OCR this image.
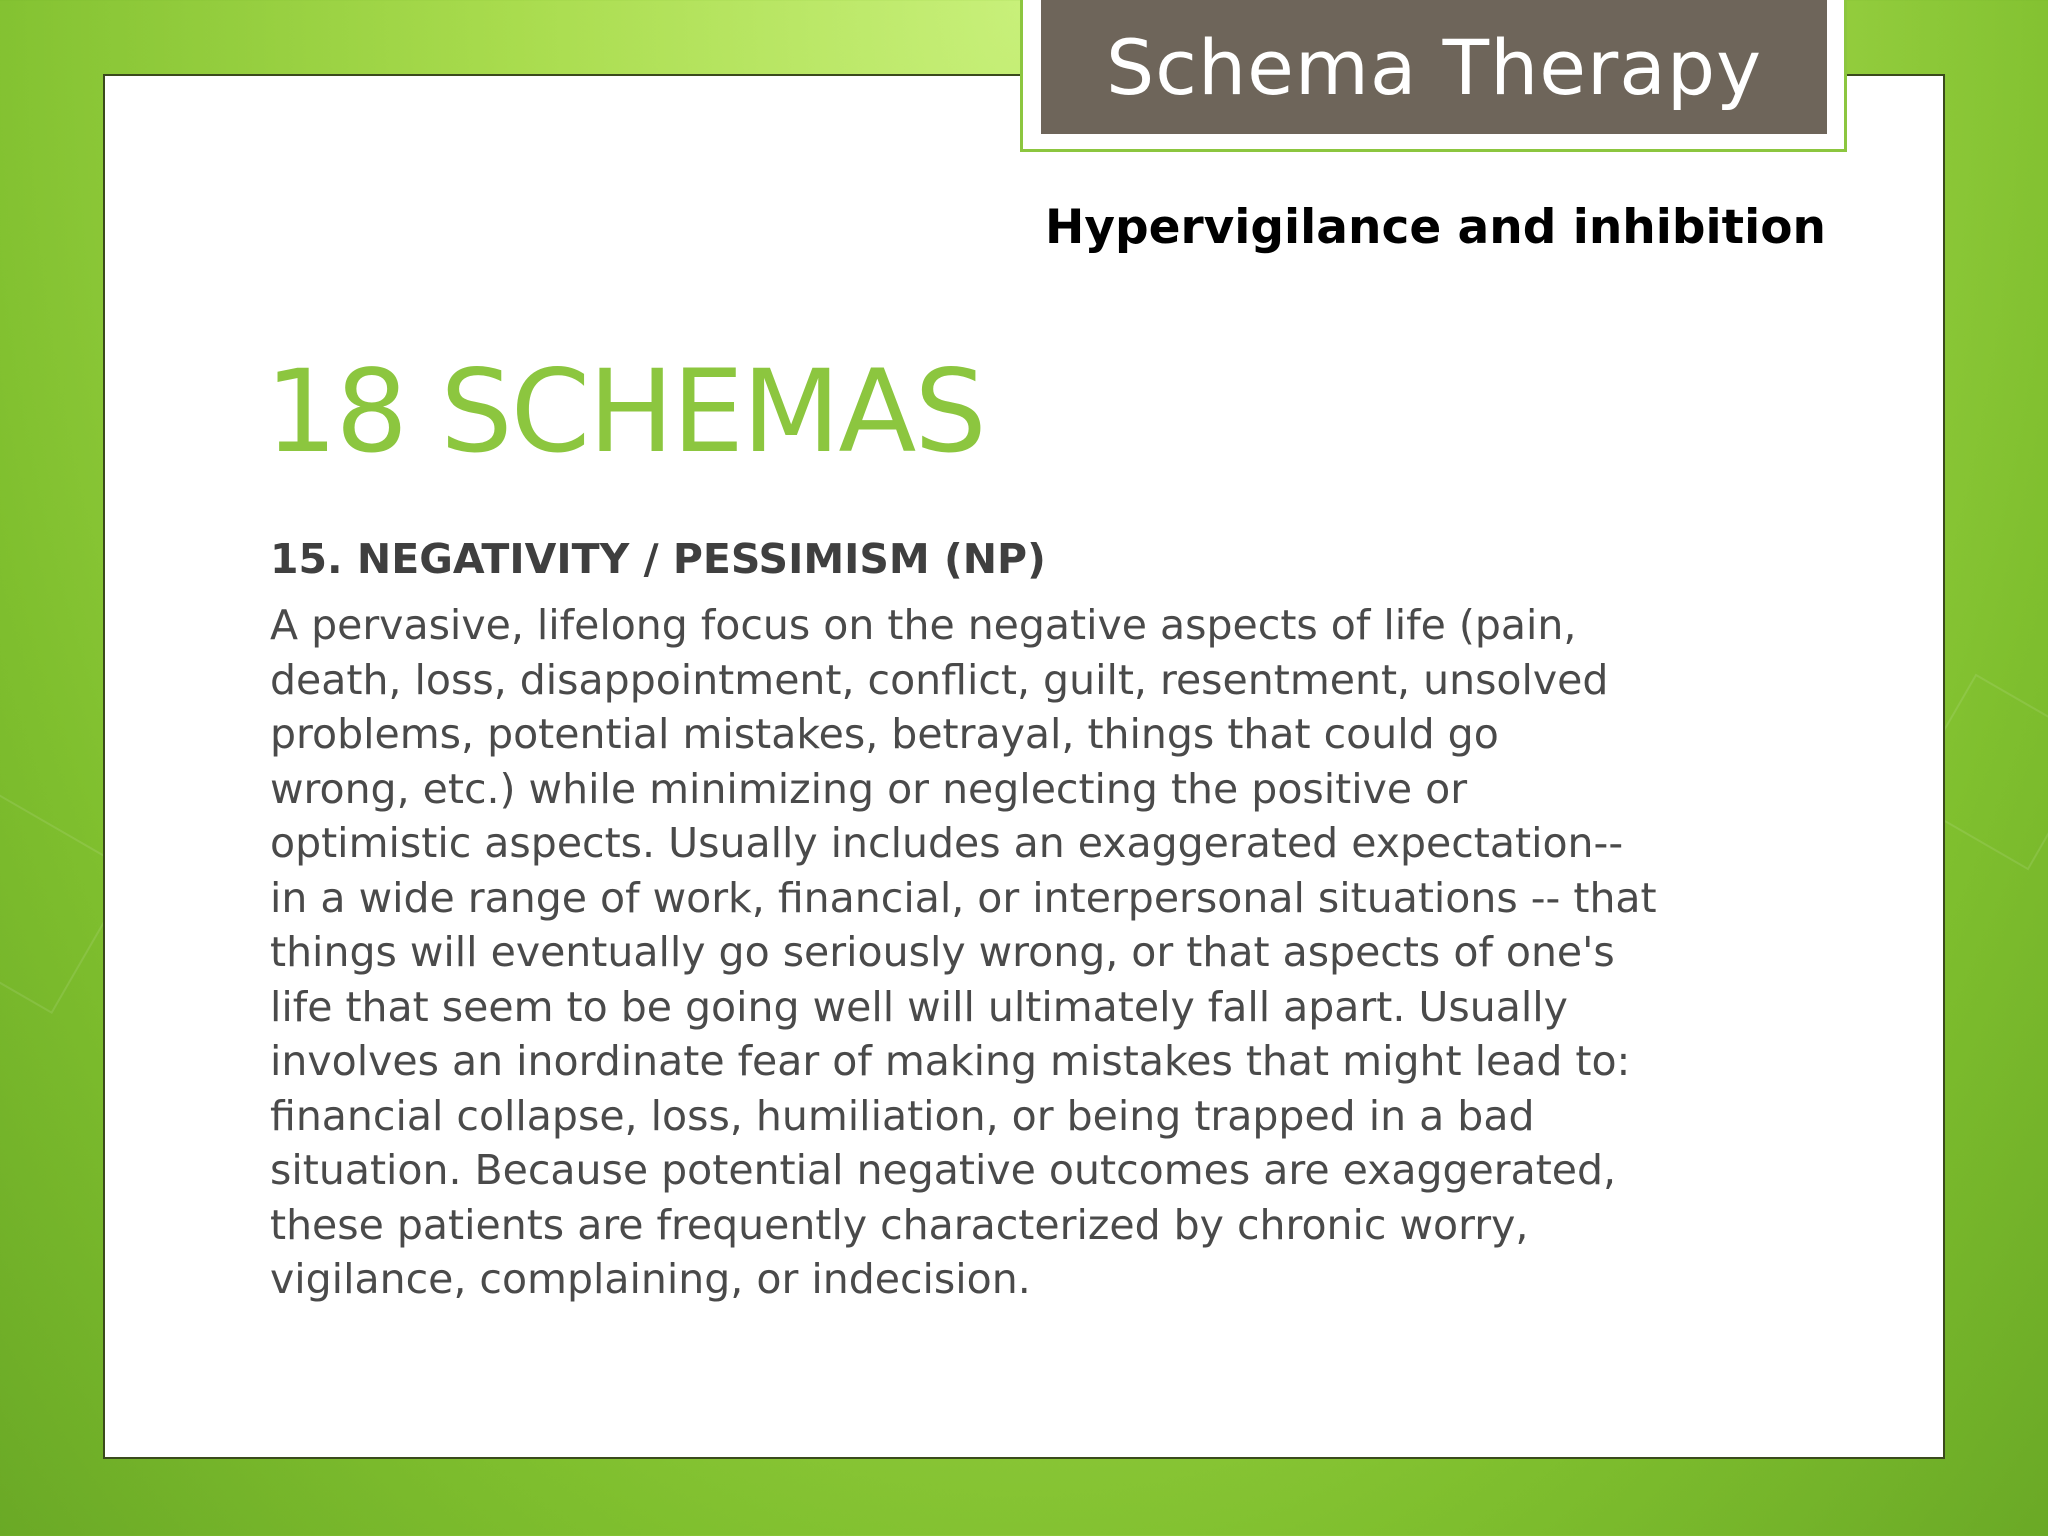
Schema Therapy
Hypervigilance and inhibition
18 SCHEMAS
15. NEGATIVITY / PESSIMISM (NP)
A pervasive, lifelong focus on the negative aspects of life (pain,
death, loss, disappointment, conflict, guilt, resentment, unsolved
problems, potential mistakes, betrayal, things that could go
wrong, etc.) while minimizing or neglecting the positive or
optimistic aspects. Usually includes an exaggerated expectation--
in a wide range of work, financial, or interpersonal situations -- that
things will eventually go seriously wrong, or that aspects of one's
life that seem to be going well will ultimately fall apart. Usually
involves an inordinate fear of making mistakes that might lead to:
financial collapse, loss, humiliation, or being trapped in a bad
situation. Because potential negative outcomes are exaggerated,
these patients are frequently characterized by chronic worry,
vigilance, complaining, or indecision.
